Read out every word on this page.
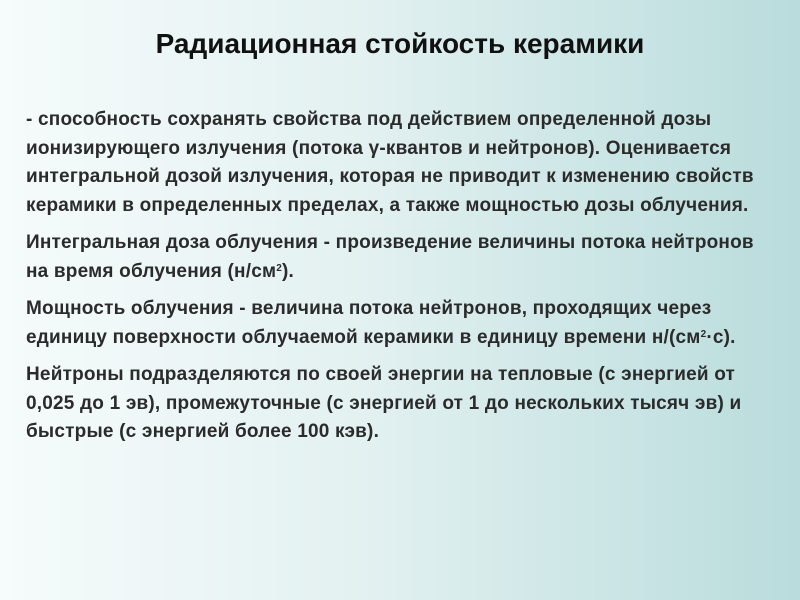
Радиационная стойкость керамики

- способность сохранять свойства под действием определенной дозы ионизирующего излучения (потока γ-квантов и нейтронов). Оценивается интегральной дозой излучения, которая не приводит к изменению свойств керамики в определенных пределах, а также мощностью дозы облучения.

Интегральная доза облучения - произведение величины потока нейтронов на время облучения $(н/см^2)$.

Мощность облучения - величина потока нейтронов, проходящих через единицу поверхности облучаемой керамики в единицу времени $н/(см^2\cdot с)$.

Нейтроны подразделяются по своей энергии на тепловые (с энергией от 0,025 до 1 эв), промежуточные (с энергией от 1 до нескольких тысяч эв) и быстрые (с энергией более 100 кэв).
